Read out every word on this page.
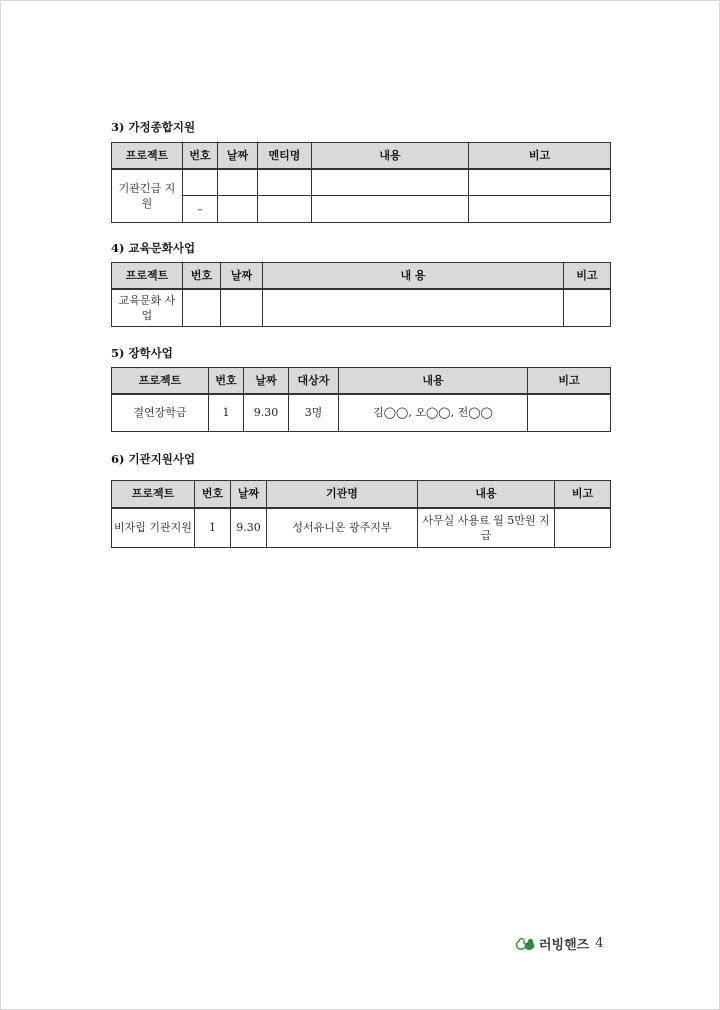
3) 가정종합지원
프로젝트	번호	날짜	멘티명	내용	비고
기관긴급 지원					
	–				
4) 교육문화사업
프로젝트	번호	날짜	내 용	비고
교육문화 사업				
5) 장학사업
프로젝트	번호	날짜	대상자	내용	비고
결연장학금	1	9.30	3명	김◯◯, 오◯◯, 전◯◯	
6) 기관지원사업
프로젝트	번호	날짜	기관명	내용	비고
비자립 기관지원	1	9.30	성서유니온 광주지부	사무실 사용료 월 5만원 지급	
러빙핸즈 4
